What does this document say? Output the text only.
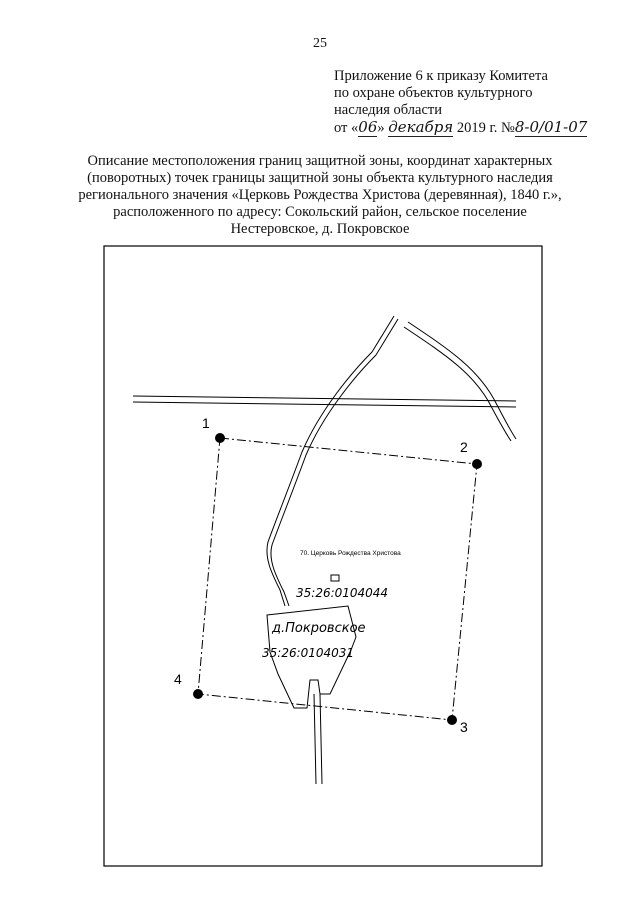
25
Приложение 6 к приказу Комитета
по охране объектов культурного
наследия области
от «06» декабря 2019 г. №8-0/01-07
Описание местоположения границ защитной зоны, координат характерных
(поворотных) точек границы защитной зоны объекта культурного наследия
регионального значения «Церковь Рождества Христова (деревянная), 1840 г.»,
расположенного по адресу: Сокольский район, сельское поселение
Нестеровское, д. Покровское
1
2
3
4
70. Церковь Рождества Христова
35:26:0104044
д.Покровское
35:26:0104031
